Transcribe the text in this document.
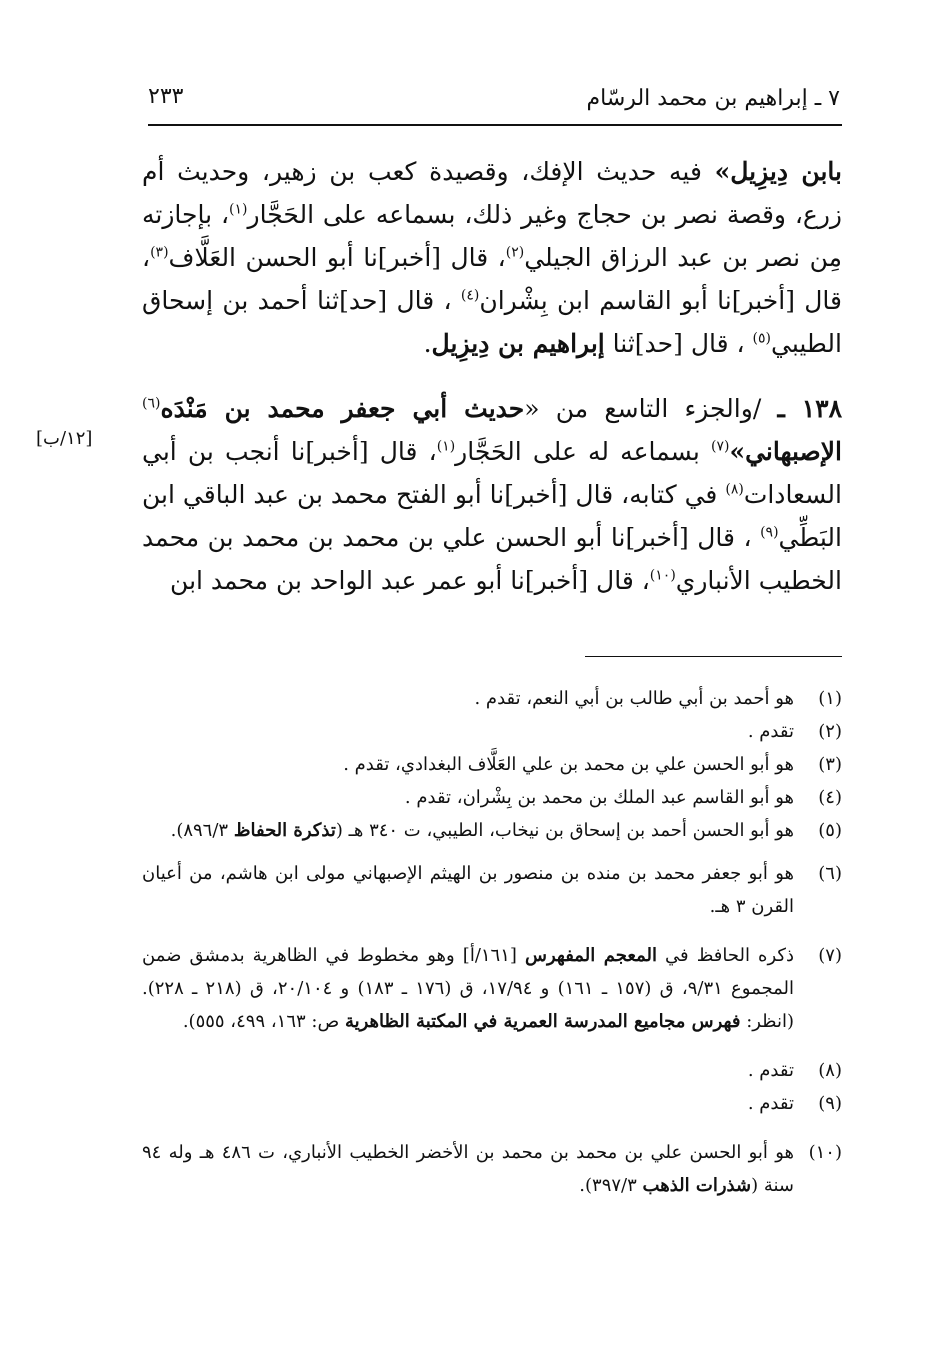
٧ ـ إبراهيم بن محمد الرسّام
٢٣٣

بابن دِيزِيل» فيه حديث الإفك، وقصيدة كعب بن زهير، وحديث أم زرع، وقصة نصر بن حجاج وغير ذلك، بسماعه على الحَجَّار$^{(١)}$، بإجازته مِن نصر بن عبد الرزاق الجيلي$^{(٢)}$، قال [أخبر]نا أبو الحسن العَلَّاف$^{(٣)}$، قال [أخبر]نا أبو القاسم ابن بِشْران$^{(٤)}$ ، قال [حد]ثنا أحمد بن إسحاق الطيبي$^{(٥)}$ ، قال [حد]ثنا إبراهيم بن دِيزِيل.

١٣٨ ـ /والجزء التاسع من «حديث أبي جعفر محمد بن مَنْدَه$^{(٦)}$ الإصبهاني»$^{(٧)}$ بسماعه له على الحَجَّار$^{(١)}$، قال [أخبر]نا أنجب بن أبي السعادات$^{(٨)}$ في كتابه، قال [أخبر]نا أبو الفتح محمد بن عبد الباقي ابن البَطِّي$^{(٩)}$ ، قال [أخبر]نا أبو الحسن علي بن محمد بن محمد بن محمد الخطيب الأنباري$^{(١٠)}$، قال [أخبر]نا أبو عمر عبد الواحد بن محمد ابن

[١٢/ب]
(١)
هو أحمد بن أبي طالب بن أبي النعم، تقدم .
(٢)
تقدم .
(٣)
هو أبو الحسن علي بن محمد بن علي العَلَّاف البغدادي، تقدم .
(٤)
هو أبو القاسم عبد الملك بن محمد بن بِشْران، تقدم .
(٥)
هو أبو الحسن أحمد بن إسحاق بن نيخاب، الطيبي، ت ٣٤٠ هـ (تذكرة الحفاظ ٨٩٦/٣).
(٦)
هو أبو جعفر محمد بن منده بن منصور بن الهيثم الإصبهاني مولى ابن هاشم، من أعيان القرن ٣ هـ.
(٧)
ذكره الحافظ في المعجم المفهرس [١٦١/أ] وهو مخطوط في الظاهرية بدمشق ضمن المجموع ٩/٣١، ق (١٥٧ ـ ١٦١) و ١٧/٩٤، ق (١٧٦ ـ ١٨٣) و ٢٠/١٠٤، ق (٢١٨ ـ ٢٢٨). (انظر: فهرس مجاميع المدرسة العمرية في المكتبة الظاهرية ص: ١٦٣، ٤٩٩، ٥٥٥).
(٨)
تقدم .
(٩)
تقدم .
(١٠)
هو أبو الحسن علي بن محمد بن محمد بن الأخضر الخطيب الأنباري، ت ٤٨٦ هـ وله ٩٤ سنة (شذرات الذهب ٣٩٧/٣).
